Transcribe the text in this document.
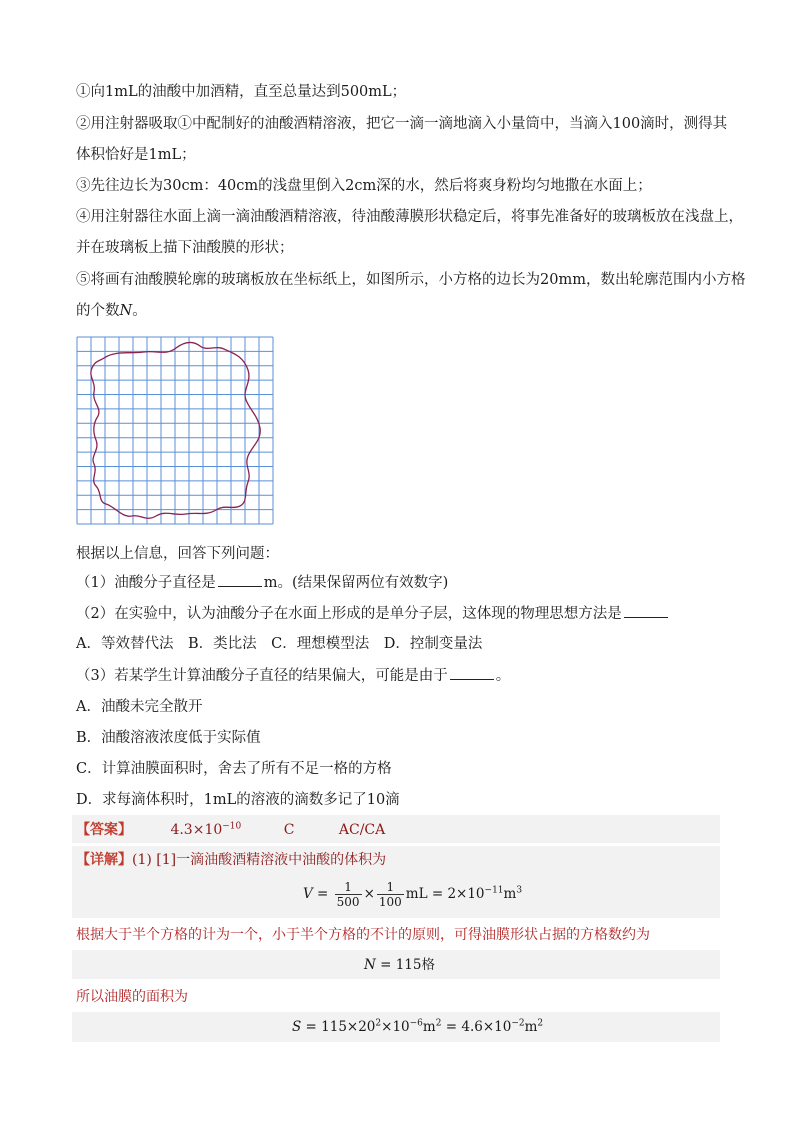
①向1mL的油酸中加酒精，直至总量达到500mL；
②用注射器吸取①中配制好的油酸酒精溶液，把它一滴一滴地滴入小量筒中，当滴入100滴时，测得其
体积恰好是1mL；
③先往边长为30cm：40cm的浅盘里倒入2cm深的水，然后将爽身粉均匀地撒在水面上；
④用注射器往水面上滴一滴油酸酒精溶液，待油酸薄膜形状稳定后，将事先准备好的玻璃板放在浅盘上，
并在玻璃板上描下油酸膜的形状；
⑤将画有油酸膜轮廓的玻璃板放在坐标纸上，如图所示，小方格的边长为20mm，数出轮廓范围内小方格
的个数N。
根据以上信息，回答下列问题：
（1）油酸分子直径是	m。(结果保留两位有效数字)
（2）在实验中，认为油酸分子在水面上形成的是单分子层，这体现的物理思想方法是
A．等效替代法　B．类比法　C．理想模型法　D．控制变量法
（3）若某学生计算油酸分子直径的结果偏大，可能是由于	。
A．油酸未完全散开
B．油酸溶液浓度低于实际值
C．计算油膜面积时，舍去了所有不足一格的方格
D．求每滴体积时，1mL的溶液的滴数多记了10滴
【答案】	$4.3\times 10^{-10}$	C	AC/CA
【详解】(1) [1]一滴油酸酒精溶液中油酸的体积为
$V = \frac{1}{500} \times \frac{1}{100}$ mL = $2\times 10^{-11}m^3$
根据大于半个方格的计为一个，小于半个方格的不计的原则，可得油膜形状占据的方格数约为
N = 115格
所以油膜的面积为
$S = 115\times 20^2\times 10^{-6}m^2 = 4.6\times 10^{-2}m^2$
